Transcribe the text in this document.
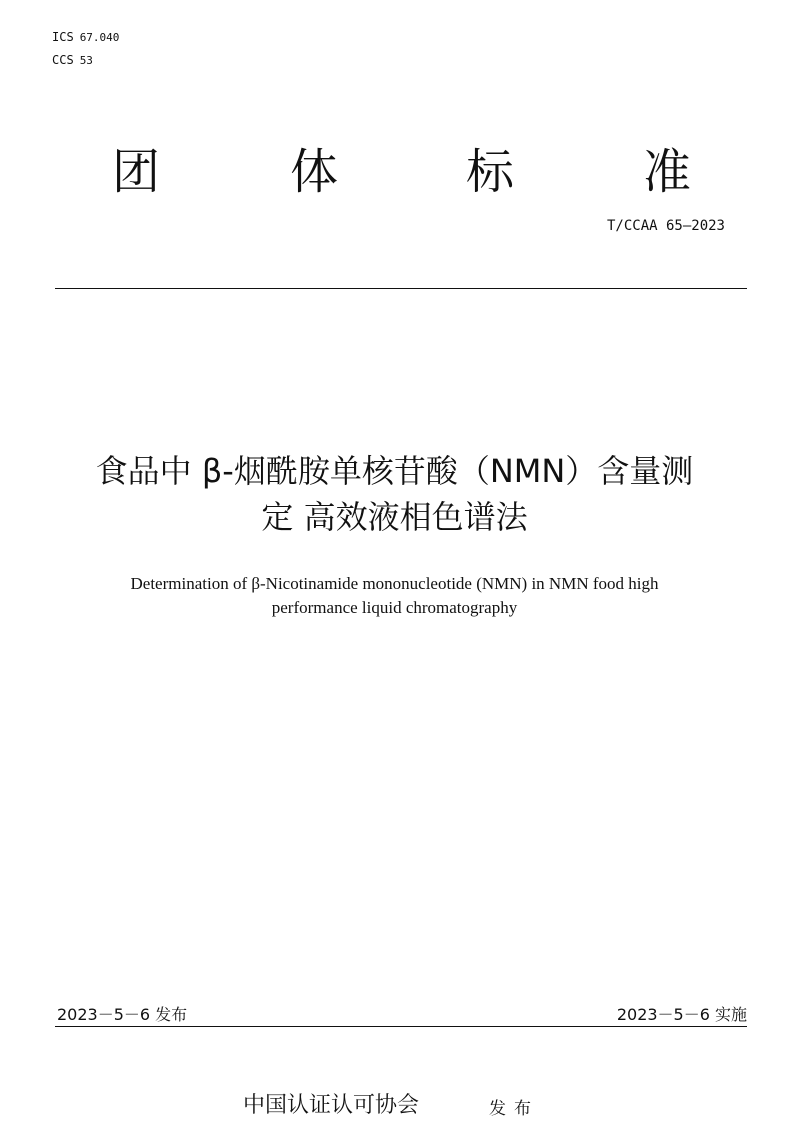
ICS 67.040
CCS 53
团	体	标	准
T/CCAA 65—2023
食品中 β-烟酰胺单核苷酸（NMN）含量测
定 高效液相色谱法
Determination of β-Nicotinamide mononucleotide (NMN) in NMN food high
performance liquid chromatography
2023－5－6 发布	2023－5－6 实施
中国认证认可协会	发布
